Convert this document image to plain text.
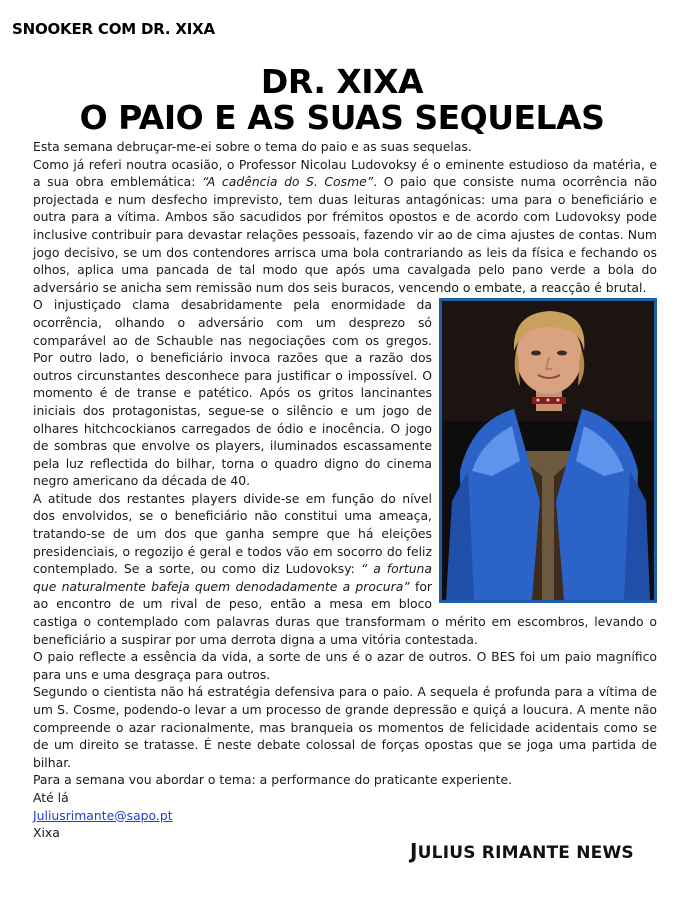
SNOOKER COM DR. XIXA
DR. XIXA
O PAIO E AS SUAS SEQUELAS

Esta semana debruçar-me-ei sobre o tema do paio e as suas sequelas.

Como já referi noutra ocasião, o Professor Nicolau Ludovoksy é o eminente estudioso da matéria, e a sua obra emblemática: “A cadência do S. Cosme”. O paio que consiste numa ocorrência não projectada e num desfecho imprevisto, tem duas leituras antagónicas: uma para o beneficiário e outra para a vítima. Ambos são sacudidos por frémitos opostos e de acordo com Ludovoksy pode inclusive contribuir para devastar relações pessoais, fazendo vir ao de cima ajustes de contas. Num jogo decisivo, se um dos contendores arrisca uma bola contrariando as leis da física e fechando os olhos, aplica uma pancada de tal modo que após uma cavalgada pelo pano verde a bola do adversário se anicha sem remissão num dos seis buracos, vencendo o embate, a reacção é brutal.

O injustiçado clama desabridamente pela enormidade da ocorrência, olhando o adversário com um desprezo só comparável ao de Schauble nas negociações com os gregos. Por outro lado, o beneficiário invoca razões que a razão dos outros circunstantes desconhece para justificar o impossível. O momento é de transe e patético. Após os gritos lancinantes iniciais dos protagonistas, segue-se o silêncio e um jogo de olhares hitchcockianos carregados de ódio e inocência. O jogo de sombras que envolve os players, iluminados escassamente pela luz reflectida do bilhar, torna o quadro digno do cinema negro americano da década de 40.

A atitude dos restantes players divide-se em função do nível dos envolvidos, se o beneficiário não constitui uma ameaça, tratando-se de um dos que ganha sempre que há eleições presidenciais, o regozijo é geral e todos vão em socorro do feliz contemplado. Se a sorte, ou como diz Ludovoksy: “ a fortuna que naturalmente bafeja quem denodadamente a procura” for ao encontro de um rival de peso, então a mesa em bloco castiga o contemplado com palavras duras que transformam o mérito em escombros, levando o beneficiário a suspirar por uma derrota digna a uma vitória contestada.

O paio reflecte a essência da vida, a sorte de uns é o azar de outros. O BES foi um paio magnífico para uns e uma desgraça para outros.

Segundo o cientista não há estratégia defensiva para o paio. A sequela é profunda para a vítima de um S. Cosme, podendo-o levar a um processo de grande depressão e quiçá a loucura. A mente não compreende o azar racionalmente, mas branqueia os momentos de felicidade acidentais como se de um direito se tratasse. É neste debate colossal de forças opostas que se joga uma partida de bilhar.

Para a semana vou abordar o tema: a performance do praticante experiente.

Até lá

Juliusrimante@sapo.pt

Xixa

JULIUS RIMANTE NEWS
